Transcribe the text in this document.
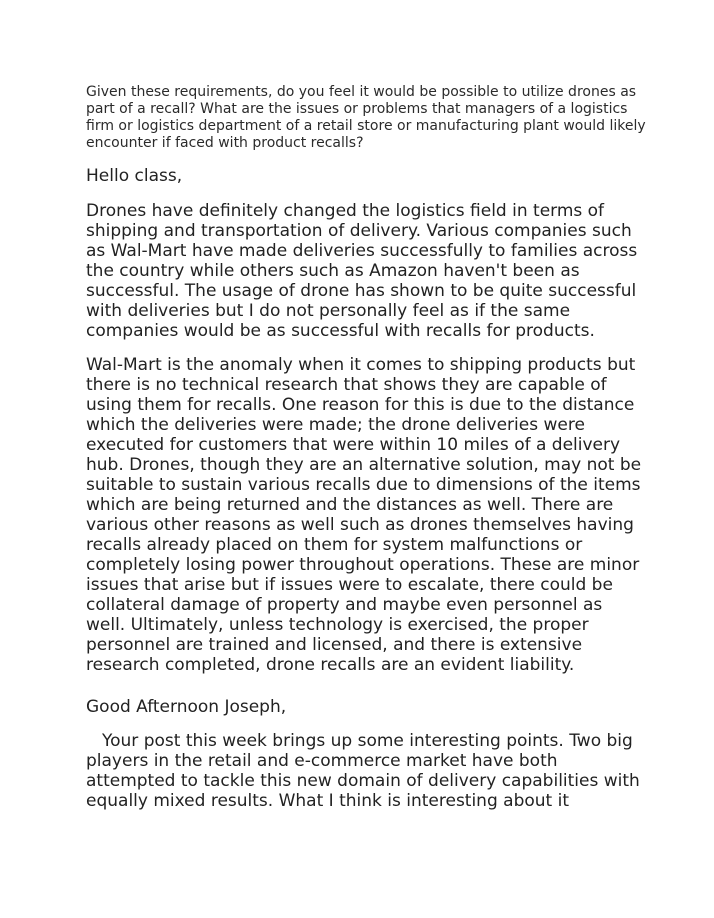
Given these requirements, do you feel it would be possible to utilize drones as part of a recall? What are the issues or problems that managers of a logistics firm or logistics department of a retail store or manufacturing plant would likely encounter if faced with product recalls?

Hello class,

Drones have definitely changed the logistics field in terms of shipping and transportation of delivery. Various companies such as Wal-Mart have made deliveries successfully to families across the country while others such as Amazon haven't been as successful. The usage of drone has shown to be quite successful with deliveries but I do not personally feel as if the same companies would be as successful with recalls for products.

Wal-Mart is the anomaly when it comes to shipping products but there is no technical research that shows they are capable of using them for recalls. One reason for this is due to the distance which the deliveries were made; the drone deliveries were executed for customers that were within 10 miles of a delivery hub. Drones, though they are an alternative solution, may not be suitable to sustain various recalls due to dimensions of the items which are being returned and the distances as well. There are various other reasons as well such as drones themselves having recalls already placed on them for system malfunctions or completely losing power throughout operations. These are minor issues that arise but if issues were to escalate, there could be collateral damage of property and maybe even personnel as well. Ultimately, unless technology is exercised, the proper personnel are trained and licensed, and there is extensive research completed, drone recalls are an evident liability.

Good Afternoon Joseph,

Your post this week brings up some interesting points. Two big players in the retail and e-commerce market have both attempted to tackle this new domain of delivery capabilities with equally mixed results. What I think is interesting about it
